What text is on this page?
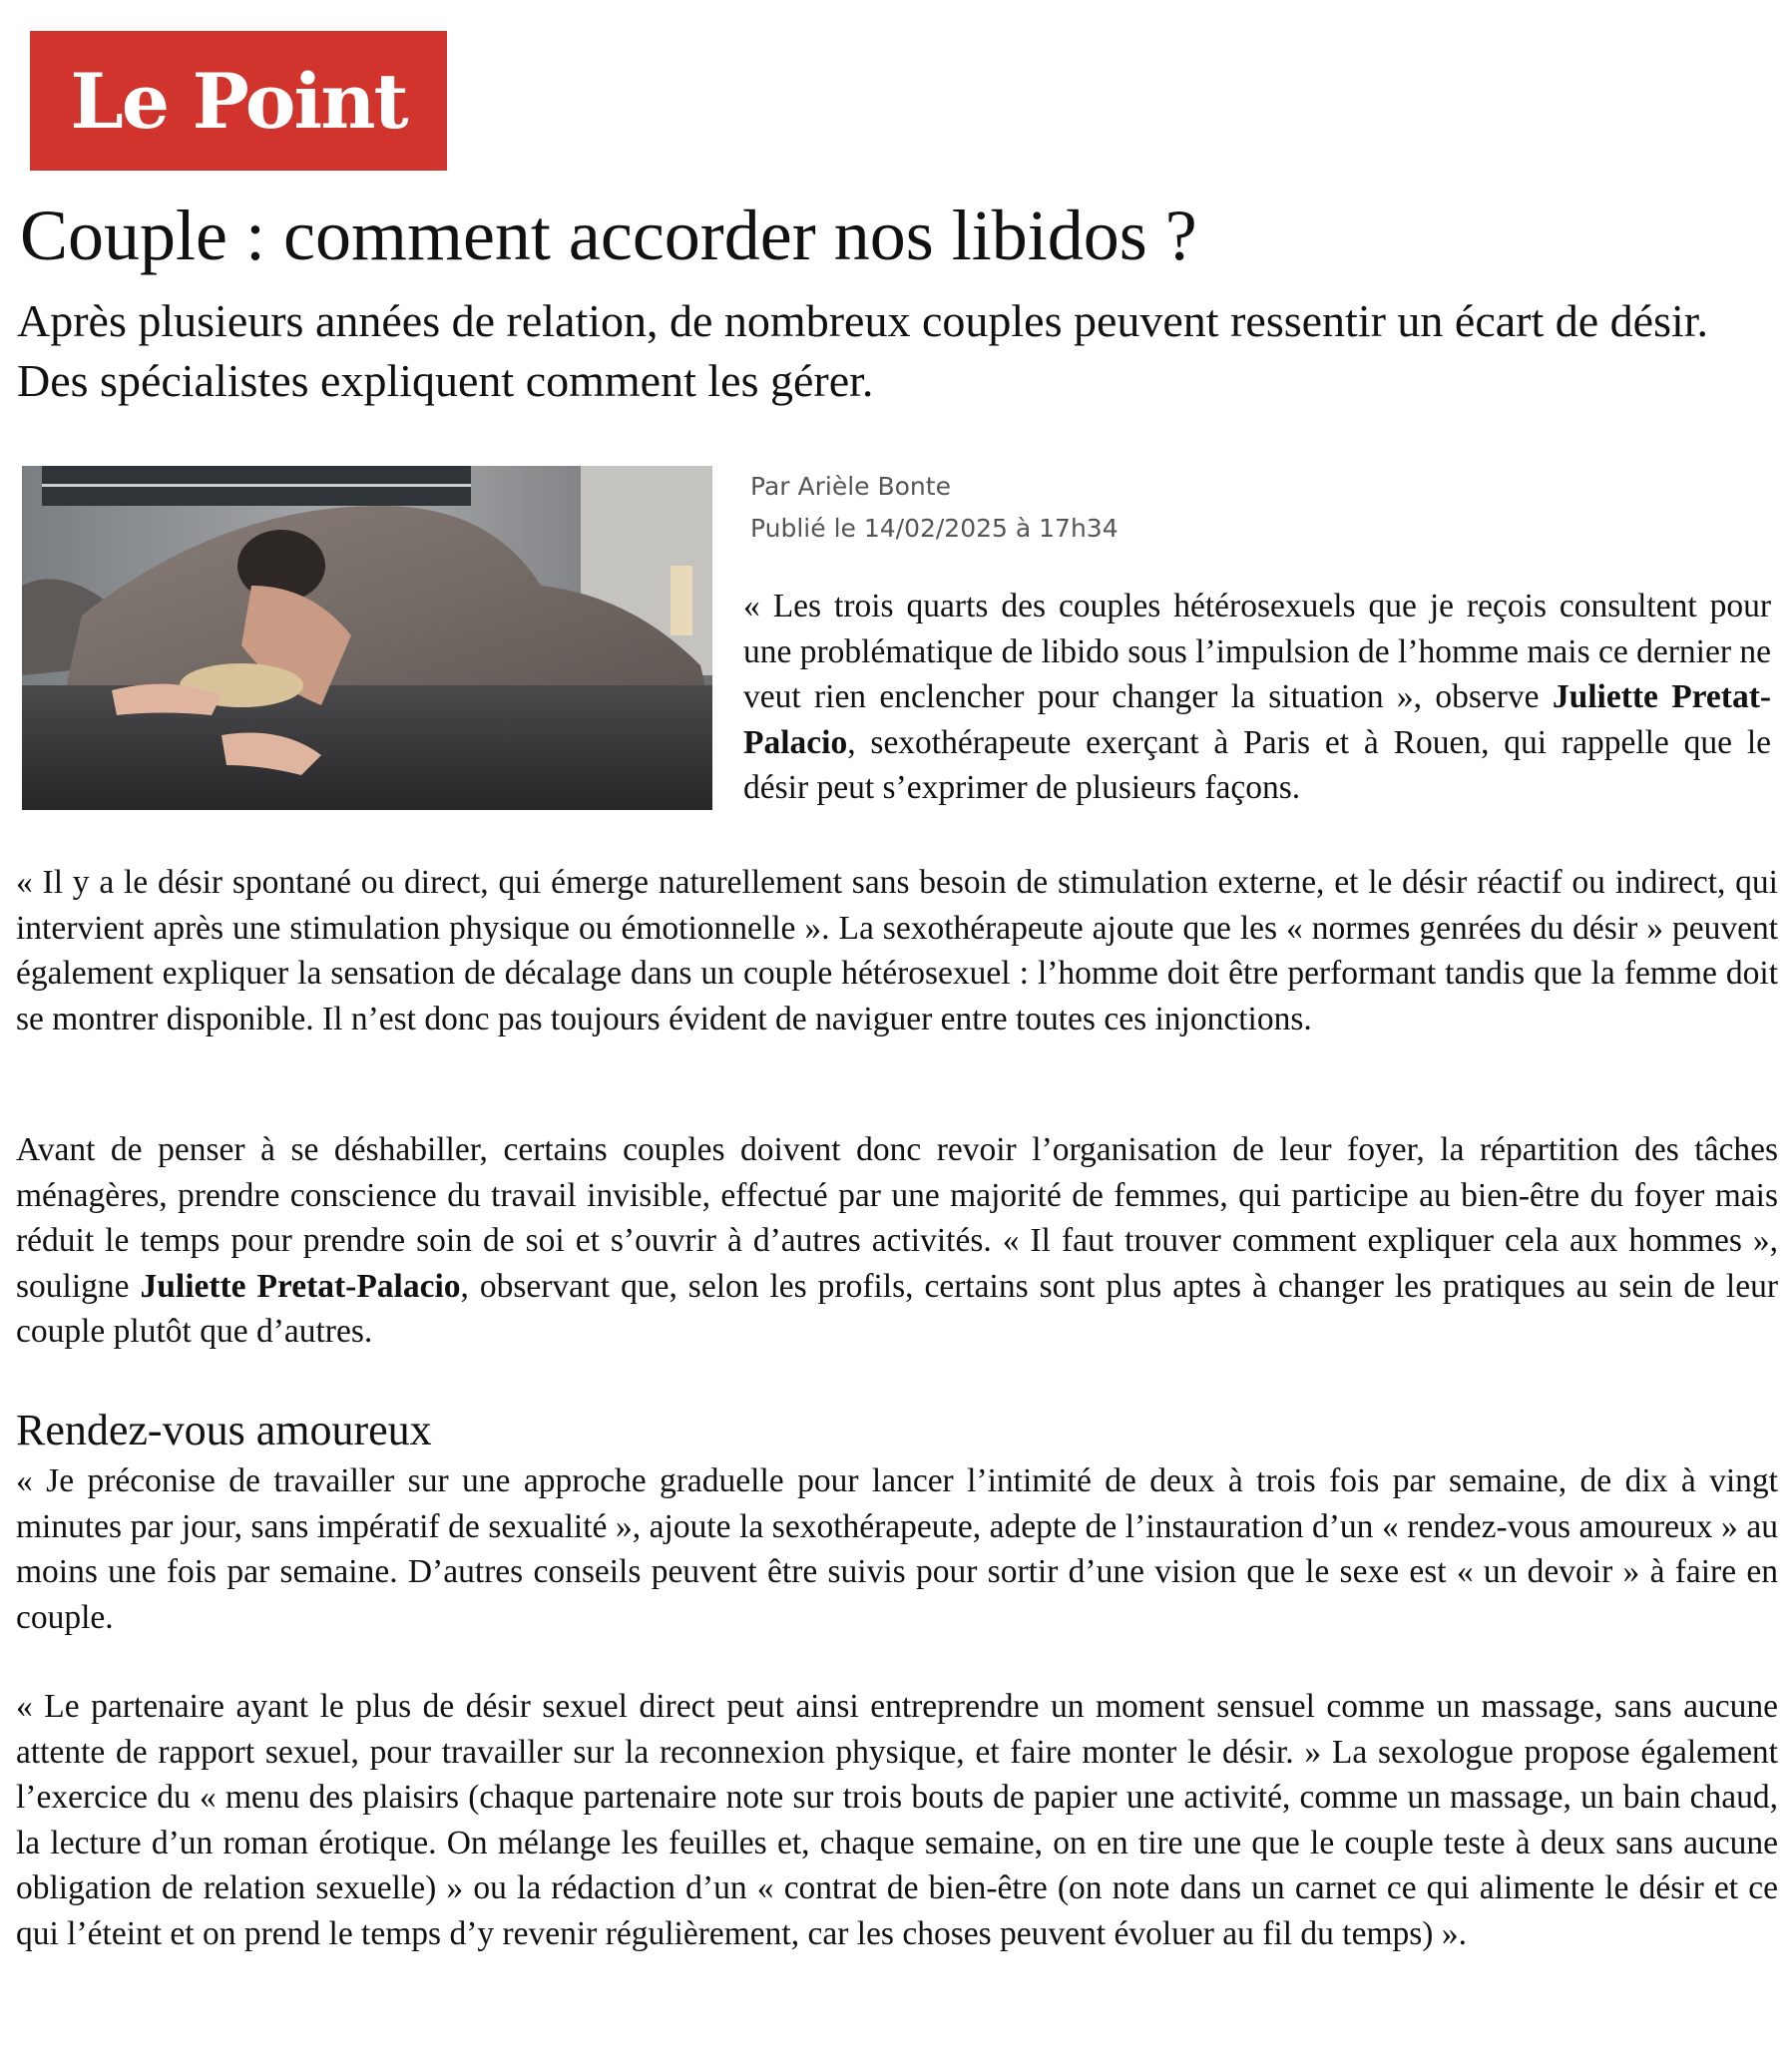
Le Point
Couple : comment accorder nos libidos ?

Après plusieurs années de relation, de nombreux couples peuvent ressentir un écart de désir. Des spécialistes expliquent comment les gérer.

Par Arièle Bonte
Publié le 14/02/2025 à 17h34

« Les trois quarts des couples hétérosexuels que je reçois consultent pour une problématique de libido sous l’impulsion de l’homme mais ce dernier ne veut rien enclencher pour changer la situation », observe Juliette Pretat-Palacio, sexothérapeute exerçant à Paris et à Rouen, qui rappelle que le désir peut s’exprimer de plusieurs façons.

« Il y a le désir spontané ou direct, qui émerge naturellement sans besoin de stimulation externe, et le désir réactif ou indirect, qui intervient après une stimulation physique ou émotionnelle ». La sexothérapeute ajoute que les « normes genrées du désir » peuvent également expliquer la sensation de décalage dans un couple hétérosexuel : l’homme doit être performant tandis que la femme doit se montrer disponible. Il n’est donc pas toujours évident de naviguer entre toutes ces injonctions.

Avant de penser à se déshabiller, certains couples doivent donc revoir l’organisation de leur foyer, la répartition des tâches ménagères, prendre conscience du travail invisible, effectué par une majorité de femmes, qui participe au bien-être du foyer mais réduit le temps pour prendre soin de soi et s’ouvrir à d’autres activités. « Il faut trouver comment expliquer cela aux hommes », souligne Juliette Pretat-Palacio, observant que, selon les profils, certains sont plus aptes à changer les pratiques au sein de leur couple plutôt que d’autres.

Rendez-vous amoureux

« Je préconise de travailler sur une approche graduelle pour lancer l’intimité de deux à trois fois par semaine, de dix à vingt minutes par jour, sans impératif de sexualité », ajoute la sexothérapeute, adepte de l’instauration d’un « rendez-vous amoureux » au moins une fois par semaine. D’autres conseils peuvent être suivis pour sortir d’une vision que le sexe est « un devoir » à faire en couple.

« Le partenaire ayant le plus de désir sexuel direct peut ainsi entreprendre un moment sensuel comme un massage, sans aucune attente de rapport sexuel, pour travailler sur la reconnexion physique, et faire monter le désir. » La sexologue propose également l’exercice du « menu des plaisirs (chaque partenaire note sur trois bouts de papier une activité, comme un massage, un bain chaud, la lecture d’un roman érotique. On mélange les feuilles et, chaque semaine, on en tire une que le couple teste à deux sans aucune obligation de relation sexuelle) » ou la rédaction d’un « contrat de bien-être (on note dans un carnet ce qui alimente le désir et ce qui l’éteint et on prend le temps d’y revenir régulièrement, car les choses peuvent évoluer au fil du temps) ».
